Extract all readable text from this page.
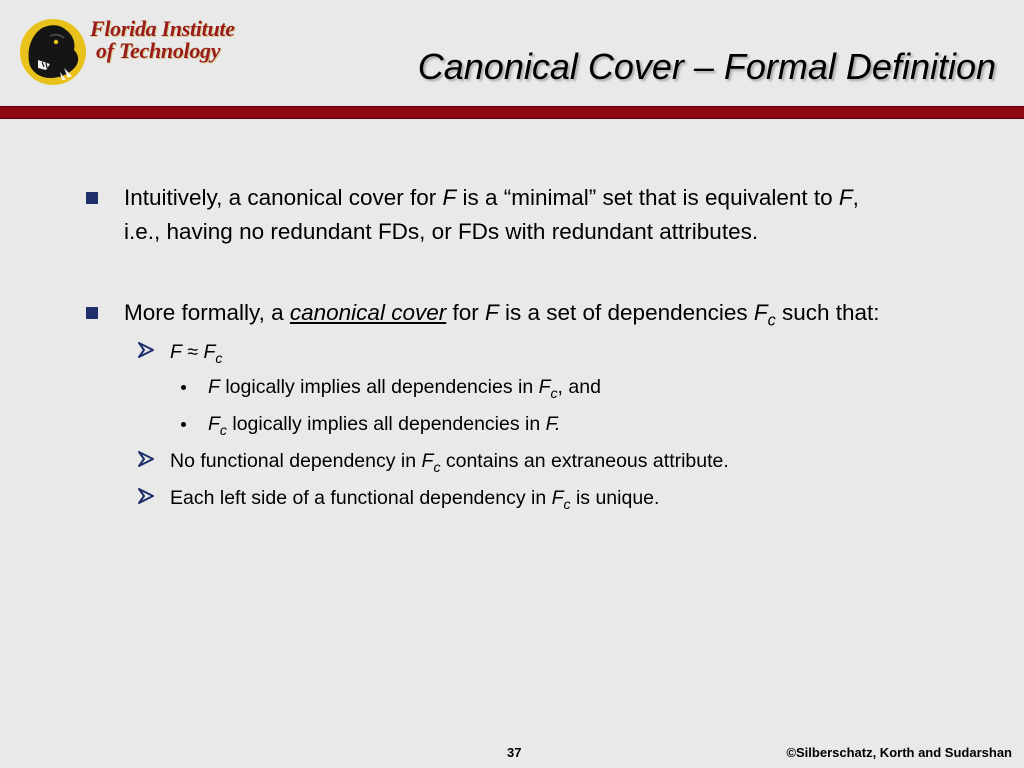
Florida Institute
of Technology	Canonical Cover – Formal Definition
Intuitively, a canonical cover for F is a “minimal” set that is equivalent to F,
i.e., having no redundant FDs, or FDs with redundant attributes.
More formally, a canonical cover for F is a set of dependencies $F_c$ such that:
$F \approx F_c$
F logically implies all dependencies in $F_c$, and
$F_c$ logically implies all dependencies in F.
No functional dependency in $F_c$ contains an extraneous attribute.
Each left side of a functional dependency in $F_c$ is unique.
37	©Silberschatz, Korth and Sudarshan
